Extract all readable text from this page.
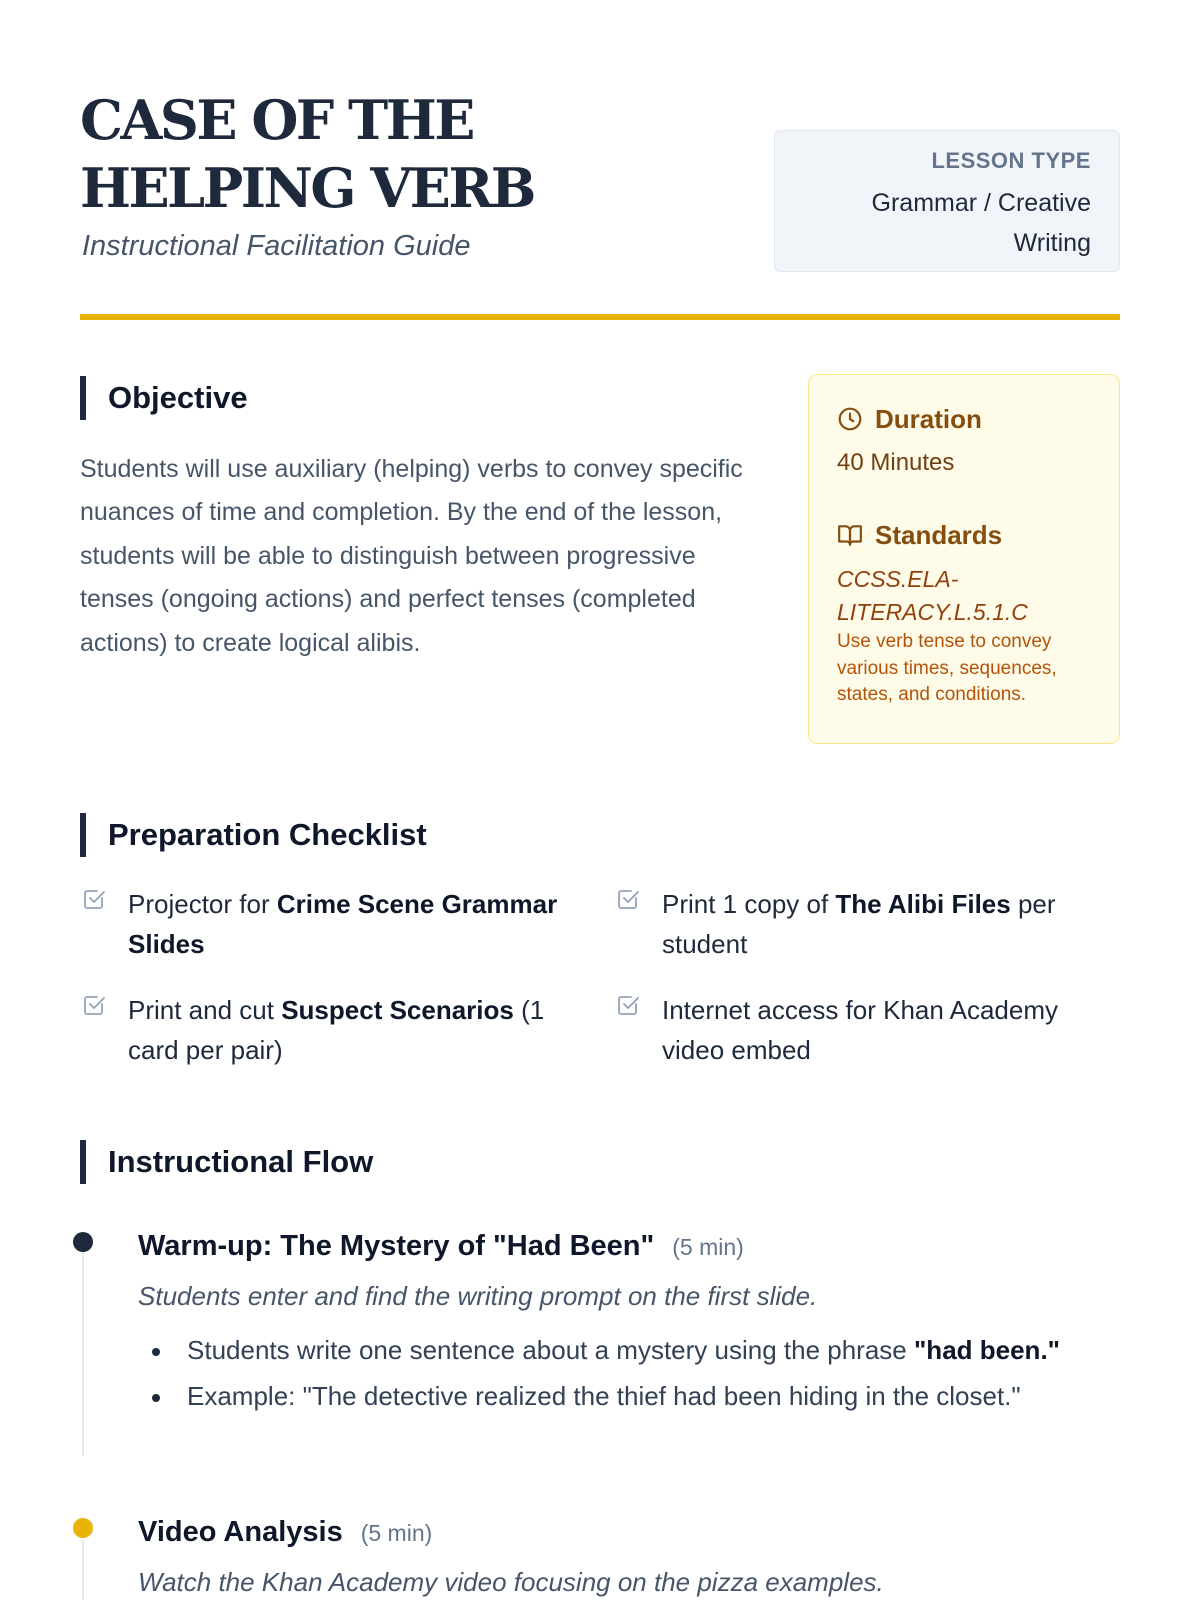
CASE OF THE HELPING VERB
Instructional Facilitation Guide
LESSON TYPE
Grammar / Creative Writing
Objective

Students will use auxiliary (helping) verbs to convey specific nuances of time and completion. By the end of the lesson, students will be able to distinguish between progressive tenses (ongoing actions) and perfect tenses (completed actions) to create logical alibis.

Duration
40 Minutes
Standards
CCSS.ELA-LITERACY.L.5.1.C
Use verb tense to convey various times, sequences, states, and conditions.
Preparation Checklist
Projector for Crime Scene Grammar Slides
Print 1 copy of The Alibi Files per student
Print and cut Suspect Scenarios (1 card per pair)
Internet access for Khan Academy video embed
Instructional Flow
Warm-up: The Mystery of "Had Been" (5 min)
Students enter and find the writing prompt on the first slide.
Students write one sentence about a mystery using the phrase "had been."
Example: "The detective realized the thief had been hiding in the closet."
Video Analysis (5 min)
Watch the Khan Academy video focusing on the pizza examples.
